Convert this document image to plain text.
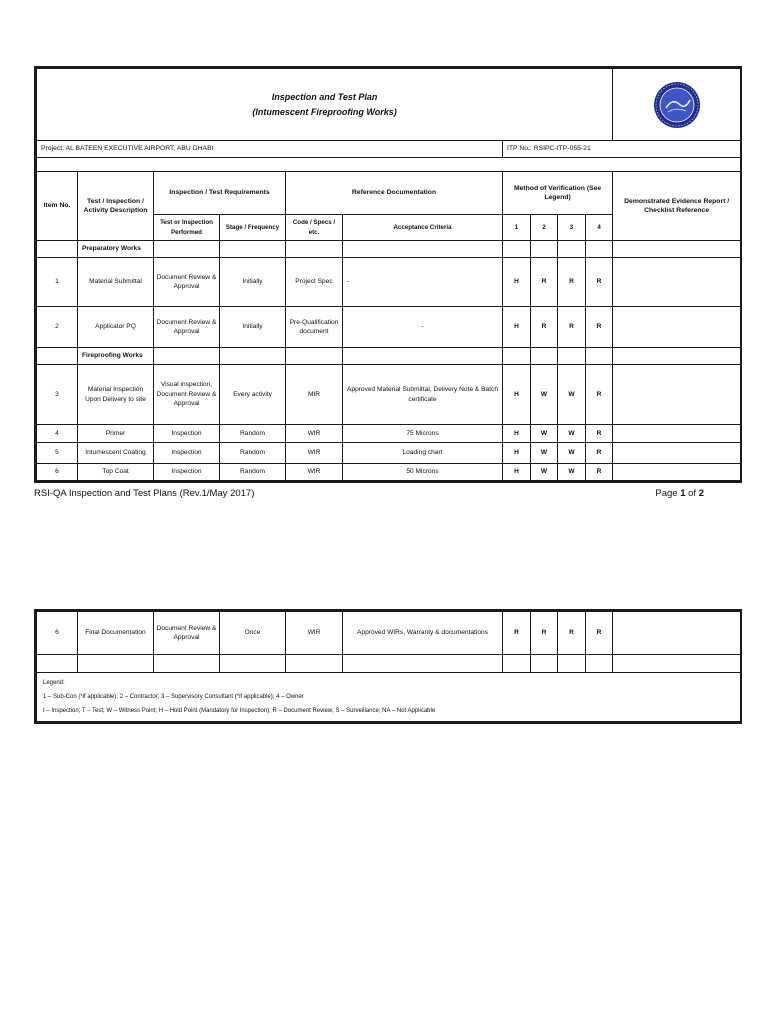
Inspection and Test Plan
(Intumescent Fireproofing Works)

Project: AL BATEEN EXECUTIVE AIRPORT, ABU DHABI						ITP No.: RSIPC-ITP-055-21				

Item No.	Test / Inspection / Activity Description	Inspection / Test Requirements		Reference Documentation		Method of Verification (See Legend)				Demonstrated Evidence Report / Checklist Reference
		Test or Inspection Performed	Stage / Frequency	Code / Specs / etc.	Acceptance Criteria	1	2	3	4	
	Preparatory Works									
1	Material Submittal	Document Review & Approval	Initially	Project Spec	-	H	R	R	R	
2	Applicator PQ	Document Review & Approval	Initially	Pre-Qualification document	-	H	R	R	R	
	Fireproofing Works									
3	Material Inspection Upon Delivery to site	Visual inspection, Document Review & Approval	Every activity	MIR	Approved Material Submittal, Delivery Note & Batch certificate	H	W	W	R	
4	Primer	Inspection	Random	WIR	75 Microns	H	W	W	R	
5	Intumescent Coating	Inspection	Random	WIR	Loading chart	H	W	W	R	
6	Top Coat	Inspection	Random	WIR	50 Microns	H	W	W	R	
RSI-QA Inspection and Test Plans (Rev.1/May 2017)	Page 1 of 2
6	Final Documentation	Document Review & Approval	Once	WIR	Approved WIRs, Warranty & documentations	R	R	R	R	

Legend:
1 – Sub-Con (*if applicable); 2 – Contractor; 3 – Supervisory Consultant (*if applicable); 4 – Owner
I – Inspection; T – Test; W – Witness Point; H – Hold Point (Mandatory for Inspection); R – Document Review; S – Surveillance; NA – Not Applicable										
